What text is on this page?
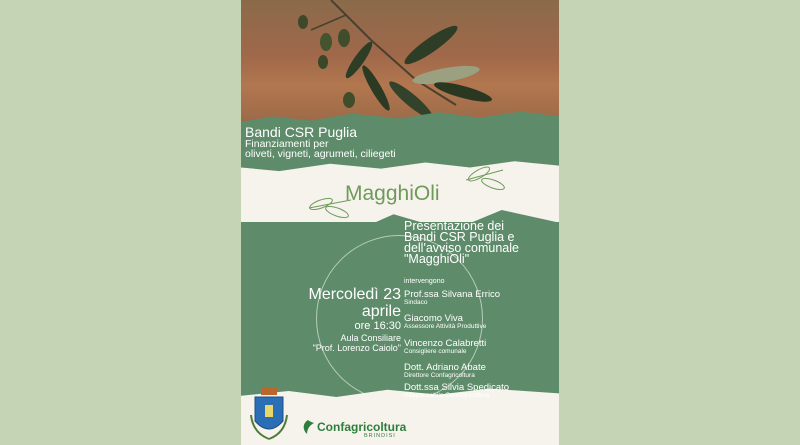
Bandi CSR Puglia

Finanziamenti per
oliveti, vigneti, agrumeti, ciliegeti

MagghiOli

Presentazione dei
Bandi CSR Puglia e
dell'avviso comunale
"MagghiOli"

intervengono

Mercoledì 23
aprile

ore 16:30

Aula Consiliare
"Prof. Lorenzo Caiolo"

Prof.ssa Silvana Errico
Sindaco
Giacomo Viva
Assessore Attività Produttive
Vincenzo Calabretti
Consigliere comunale
Dott. Adriano Abate
Direttore Confagricoltura
Dott.ssa Silvia Spedicato
Responsabile Confagricoltura
Confagricoltura
BRINDISI
